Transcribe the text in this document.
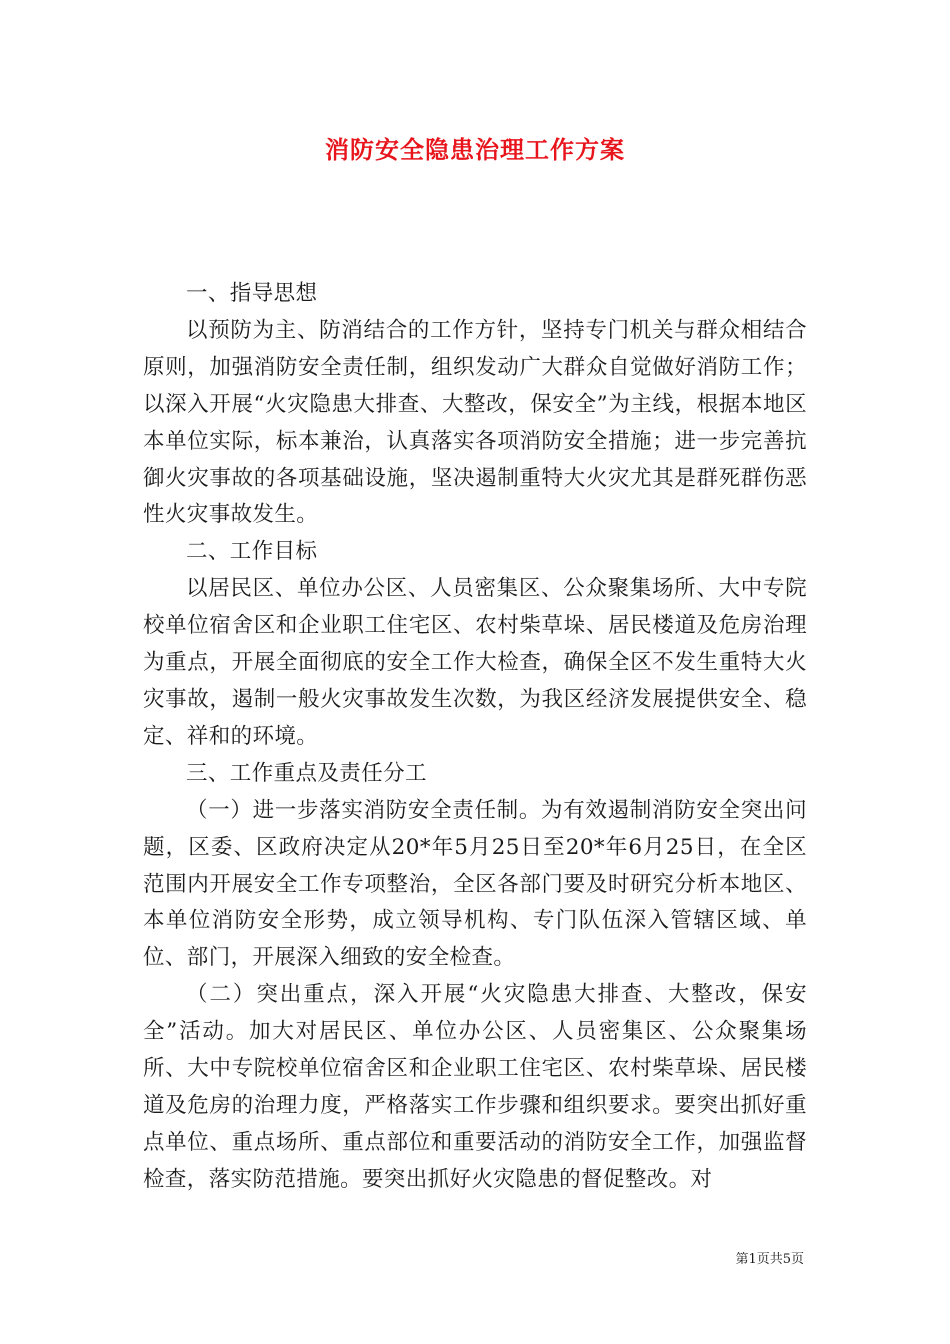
消防安全隐患治理工作方案

一、指导思想

以预防为主、防消结合的工作方针，坚持专门机关与群众相结合原则，加强消防安全责任制，组织发动广大群众自觉做好消防工作；以深入开展“火灾隐患大排查、大整改，保安全”为主线，根据本地区本单位实际，标本兼治，认真落实各项消防安全措施；进一步完善抗御火灾事故的各项基础设施，坚决遏制重特大火灾尤其是群死群伤恶性火灾事故发生。

二、工作目标

以居民区、单位办公区、人员密集区、公众聚集场所、大中专院校单位宿舍区和企业职工住宅区、农村柴草垛、居民楼道及危房治理为重点，开展全面彻底的安全工作大检查，确保全区不发生重特大火灾事故，遏制一般火灾事故发生次数，为我区经济发展提供安全、稳定、祥和的环境。

三、工作重点及责任分工

（一）进一步落实消防安全责任制。为有效遏制消防安全突出问题，区委、区政府决定从20*年5月25日至20*年6月25日，在全区范围内开展安全工作专项整治，全区各部门要及时研究分析本地区、本单位消防安全形势，成立领导机构、专门队伍深入管辖区域、单位、部门，开展深入细致的安全检查。

（二）突出重点，深入开展“火灾隐患大排查、大整改，保安全”活动。加大对居民区、单位办公区、人员密集区、公众聚集场所、大中专院校单位宿舍区和企业职工住宅区、农村柴草垛、居民楼道及危房的治理力度，严格落实工作步骤和组织要求。要突出抓好重点单位、重点场所、重点部位和重要活动的消防安全工作，加强监督检查，落实防范措施。要突出抓好火灾隐患的督促整改。对

第1页共5页
